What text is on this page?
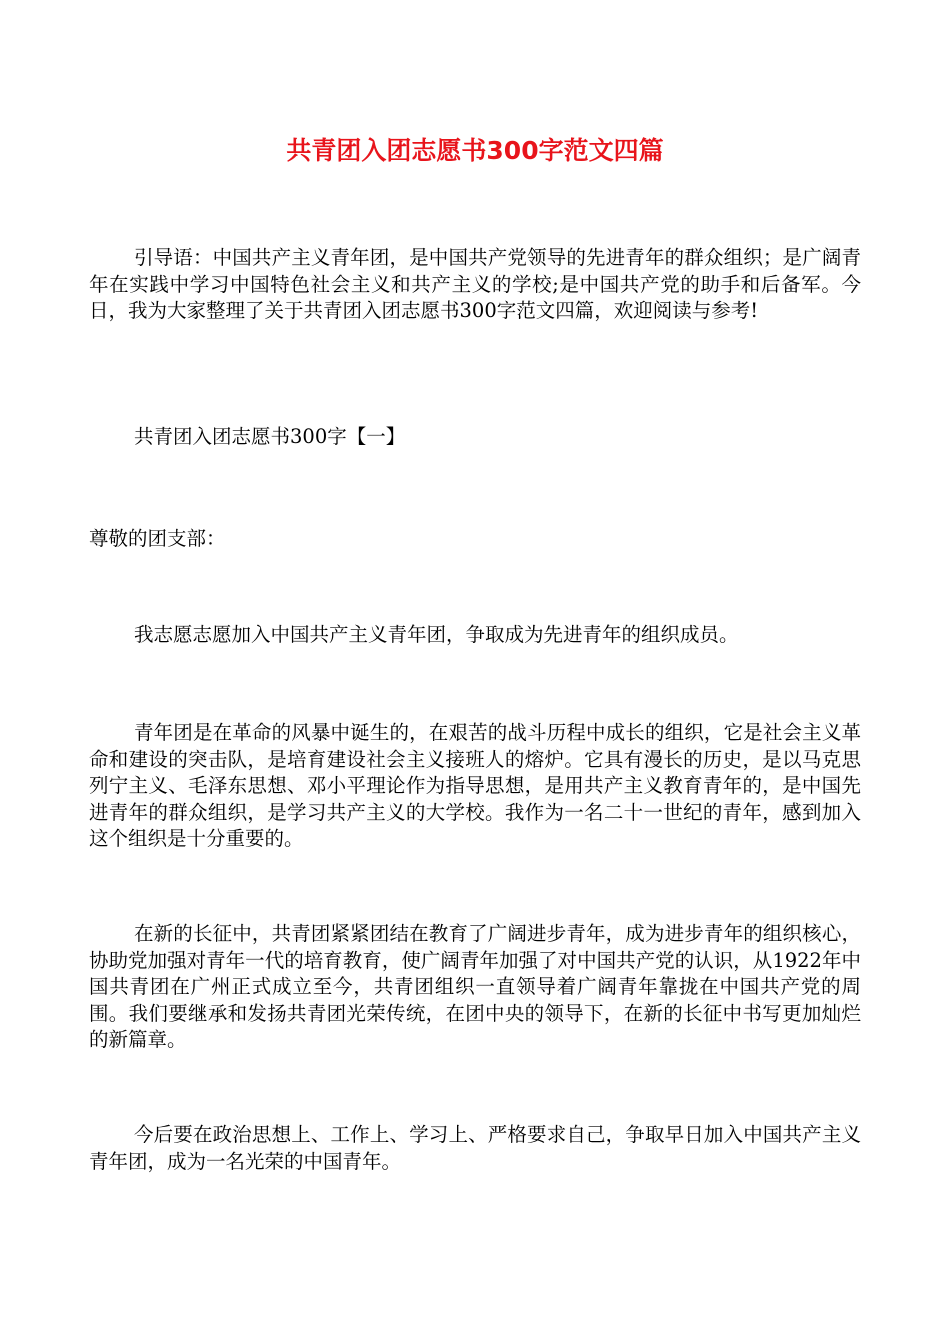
共青团入团志愿书300字范文四篇

引导语：中国共产主义青年团，是中国共产党领导的先进青年的群众组织；是广阔青年在实践中学习中国特色社会主义和共产主义的学校;是中国共产党的助手和后备军。今日，我为大家整理了关于共青团入团志愿书300字范文四篇，欢迎阅读与参考!

共青团入团志愿书300字【一】

尊敬的团支部：

我志愿志愿加入中国共产主义青年团，争取成为先进青年的组织成员。

青年团是在革命的风暴中诞生的，在艰苦的战斗历程中成长的组织，它是社会主义革命和建设的突击队，是培育建设社会主义接班人的熔炉。它具有漫长的历史，是以马克思列宁主义、毛泽东思想、邓小平理论作为指导思想，是用共产主义教育青年的，是中国先进青年的群众组织，是学习共产主义的大学校。我作为一名二十一世纪的青年，感到加入这个组织是十分重要的。

在新的长征中，共青团紧紧团结在教育了广阔进步青年，成为进步青年的组织核心，协助党加强对青年一代的培育教育，使广阔青年加强了对中国共产党的认识，从1922年中国共青团在广州正式成立至今，共青团组织一直领导着广阔青年靠拢在中国共产党的周围。我们要继承和发扬共青团光荣传统，在团中央的领导下，在新的长征中书写更加灿烂的新篇章。

今后要在政治思想上、工作上、学习上、严格要求自己，争取早日加入中国共产主义青年团，成为一名光荣的中国青年。
